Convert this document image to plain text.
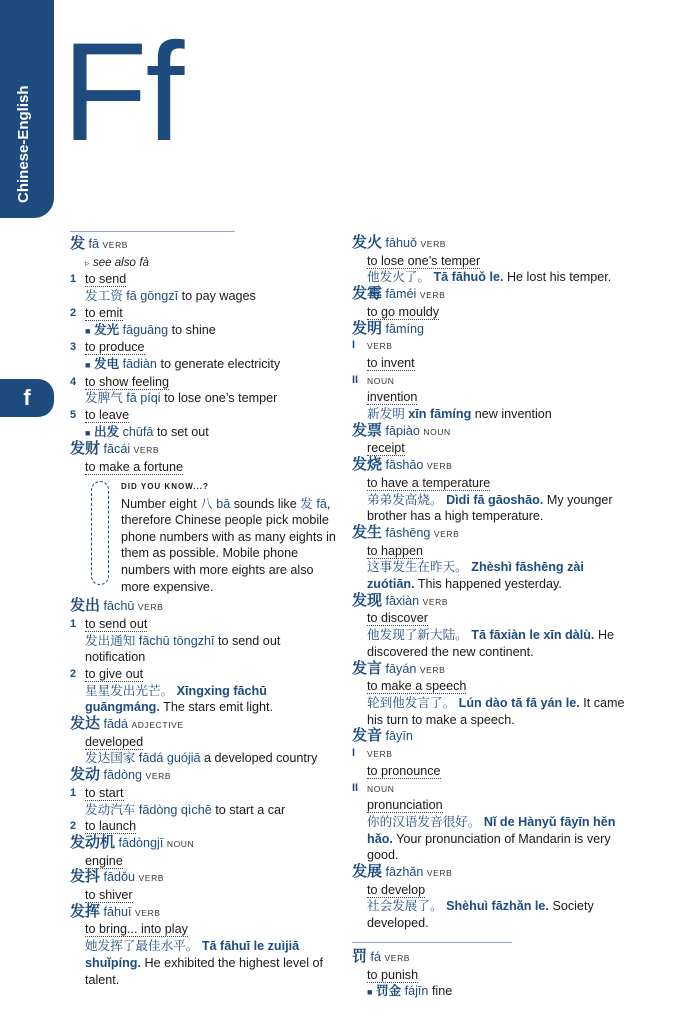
Chinese-English
f
Ff

发 fā VERB

▹ see also fà

1 to send

发工资 fā gōngzī to pay wages

2 to emit

■ 发光 fāguāng to shine

3 to produce

■ 发电 fādiàn to generate electricity

4 to show feeling

发脾气 fā píqi to lose one’s temper

5 to leave

■ 出发 chūfā to set out

发财 fācái VERB

to make a fortune

DID YOU KNOW...?

Number eight 八 bā sounds like 发 fā, therefore Chinese people pick mobile phone numbers with as many eights in them as possible. Mobile phone numbers with more eights are also more expensive.

发出 fāchū VERB

1 to send out

发出通知 fāchū tōngzhī to send out notification

2 to give out

星星发出光芒。 Xīngxing fāchū guāngmáng. The stars emit light.

发达 fādá ADJECTIVE

developed

发达国家 fādá guójiā a developed country

发动 fādòng VERB

1 to start

发动汽车 fādòng qìchē to start a car

2 to launch

发动机 fādòngjī NOUN

engine

发抖 fādǒu VERB

to shiver

发挥 fāhuī VERB

to bring... into play

她发挥了最佳水平。 Tā fāhuī le zuìjiā shuǐpíng. He exhibited the highest level of talent.

发火 fāhuǒ VERB

to lose one’s temper

他发火了。 Tā fāhuǒ le. He lost his temper.

发霉 fāméi VERB

to go mouldy

发明 fāmíng

I VERB

to invent

II NOUN

invention

新发明 xīn fāmíng new invention

发票 fāpiào NOUN

receipt

发烧 fāshāo VERB

to have a temperature

弟弟发高烧。 Dìdi fā gāoshāo. My younger brother has a high temperature.

发生 fāshēng VERB

to happen

这事发生在昨天。 Zhèshì fāshēng zài zuótiān. This happened yesterday.

发现 fāxiàn VERB

to discover

他发现了新大陆。 Tā fāxiàn le xīn dàlù. He discovered the new continent.

发言 fāyán VERB

to make a speech

轮到他发言了。 Lún dào tā fā yán le. It came his turn to make a speech.

发音 fāyīn

I VERB

to pronounce

II NOUN

pronunciation

你的汉语发音很好。 Nǐ de Hànyǔ fāyīn hěn hǎo. Your pronunciation of Mandarin is very good.

发展 fāzhǎn VERB

to develop

社会发展了。 Shèhuì fāzhǎn le. Society developed.

罚 fá VERB

to punish

■ 罚金 fájīn fine
